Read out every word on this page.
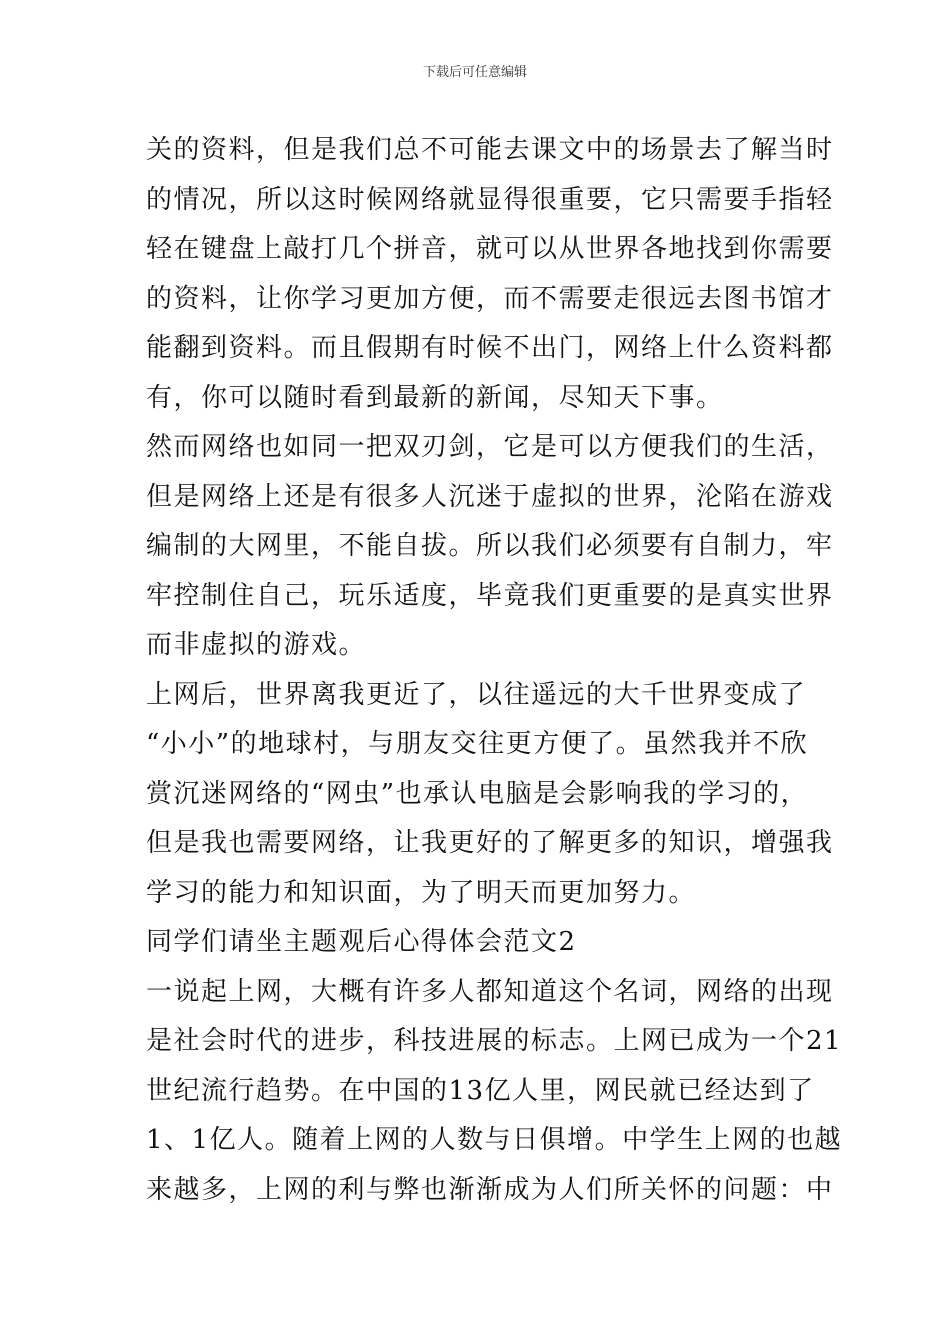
下载后可任意编辑
关的资料，但是我们总不可能去课文中的场景去了解当时
的情况，所以这时候网络就显得很重要，它只需要手指轻
轻在键盘上敲打几个拼音，就可以从世界各地找到你需要
的资料，让你学习更加方便，而不需要走很远去图书馆才
能翻到资料。而且假期有时候不出门，网络上什么资料都
有，你可以随时看到最新的新闻，尽知天下事。
然而网络也如同一把双刃剑，它是可以方便我们的生活，
但是网络上还是有很多人沉迷于虚拟的世界，沦陷在游戏
编制的大网里，不能自拔。所以我们必须要有自制力，牢
牢控制住自己，玩乐适度，毕竟我们更重要的是真实世界
而非虚拟的游戏。
上网后，世界离我更近了，以往遥远的大千世界变成了
“小小”的地球村，与朋友交往更方便了。虽然我并不欣
赏沉迷网络的“网虫”也承认电脑是会影响我的学习的，
但是我也需要网络，让我更好的了解更多的知识，增强我
学习的能力和知识面，为了明天而更加努力。
同学们请坐主题观后心得体会范文2
一说起上网，大概有许多人都知道这个名词，网络的出现
是社会时代的进步，科技进展的标志。上网已成为一个21
世纪流行趋势。在中国的13亿人里，网民就已经达到了
1、1亿人。随着上网的人数与日俱增。中学生上网的也越
来越多，上网的利与弊也渐渐成为人们所关怀的问题：中
